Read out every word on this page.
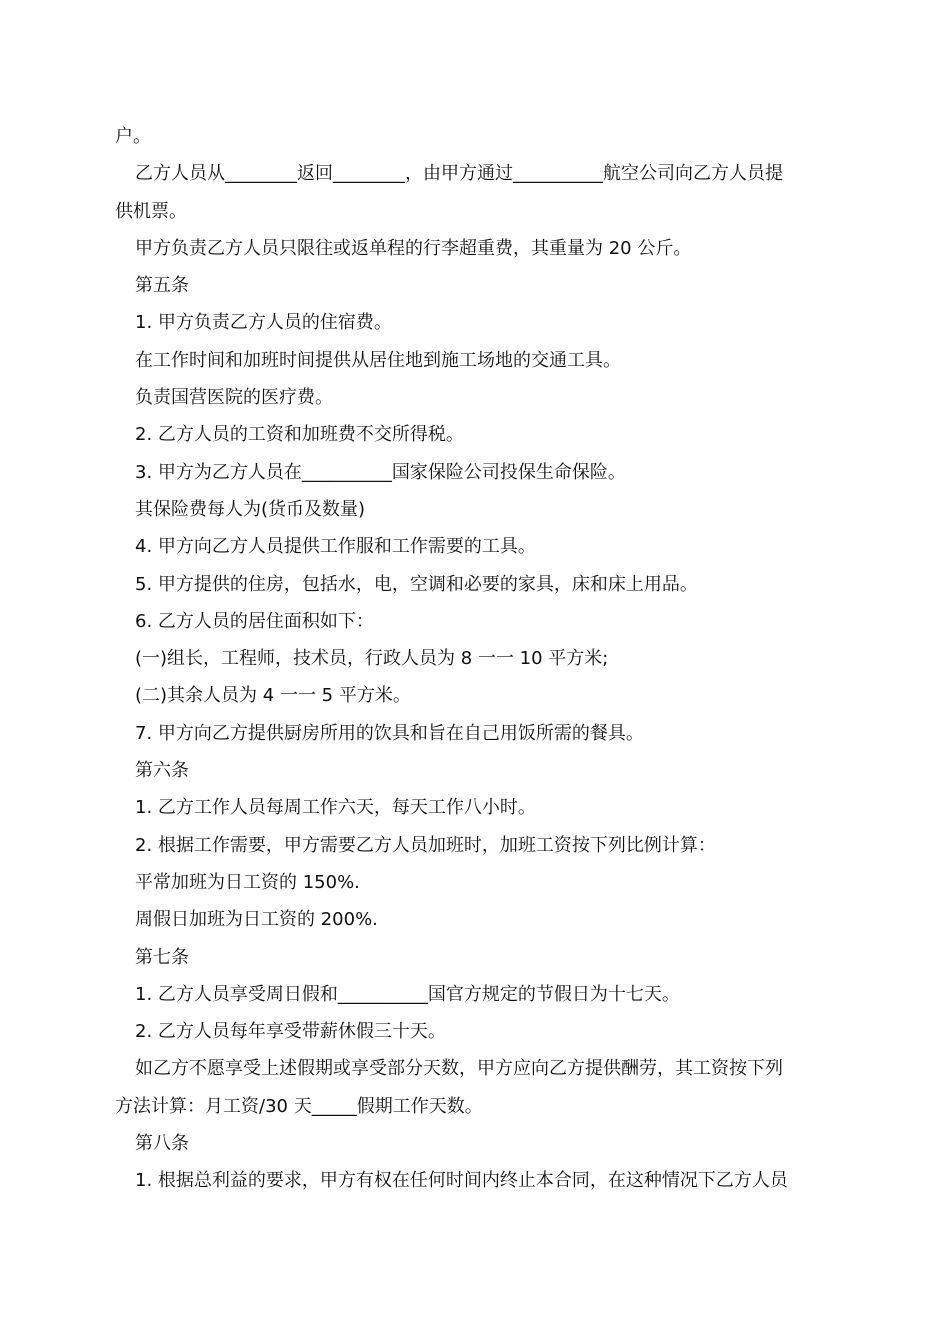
户。

乙方人员从________返回________，由甲方通过__________航空公司向乙方人员提

供机票。

甲方负责乙方人员只限往或返单程的行李超重费，其重量为 20 公斤。

第五条

1. 甲方负责乙方人员的住宿费。

在工作时间和加班时间提供从居住地到施工场地的交通工具。

负责国营医院的医疗费。

2. 乙方人员的工资和加班费不交所得税。

3. 甲方为乙方人员在__________国家保险公司投保生命保险。

其保险费每人为(货币及数量)

4. 甲方向乙方人员提供工作服和工作需要的工具。

5. 甲方提供的住房，包括水，电，空调和必要的家具，床和床上用品。

6. 乙方人员的居住面积如下：

(一)组长，工程师，技术员，行政人员为 8 一一 10 平方米;

(二)其余人员为 4 一一 5 平方米。

7. 甲方向乙方提供厨房所用的饮具和旨在自己用饭所需的餐具。

第六条

1. 乙方工作人员每周工作六天，每天工作八小时。

2. 根据工作需要，甲方需要乙方人员加班时，加班工资按下列比例计算：

平常加班为日工资的 150%.

周假日加班为日工资的 200%.

第七条

1. 乙方人员享受周日假和__________国官方规定的节假日为十七天。

2. 乙方人员每年享受带薪休假三十天。

如乙方不愿享受上述假期或享受部分天数，甲方应向乙方提供酬劳，其工资按下列

方法计算：月工资/30 天_____假期工作天数。

第八条

1. 根据总利益的要求，甲方有权在任何时间内终止本合同，在这种情况下乙方人员
